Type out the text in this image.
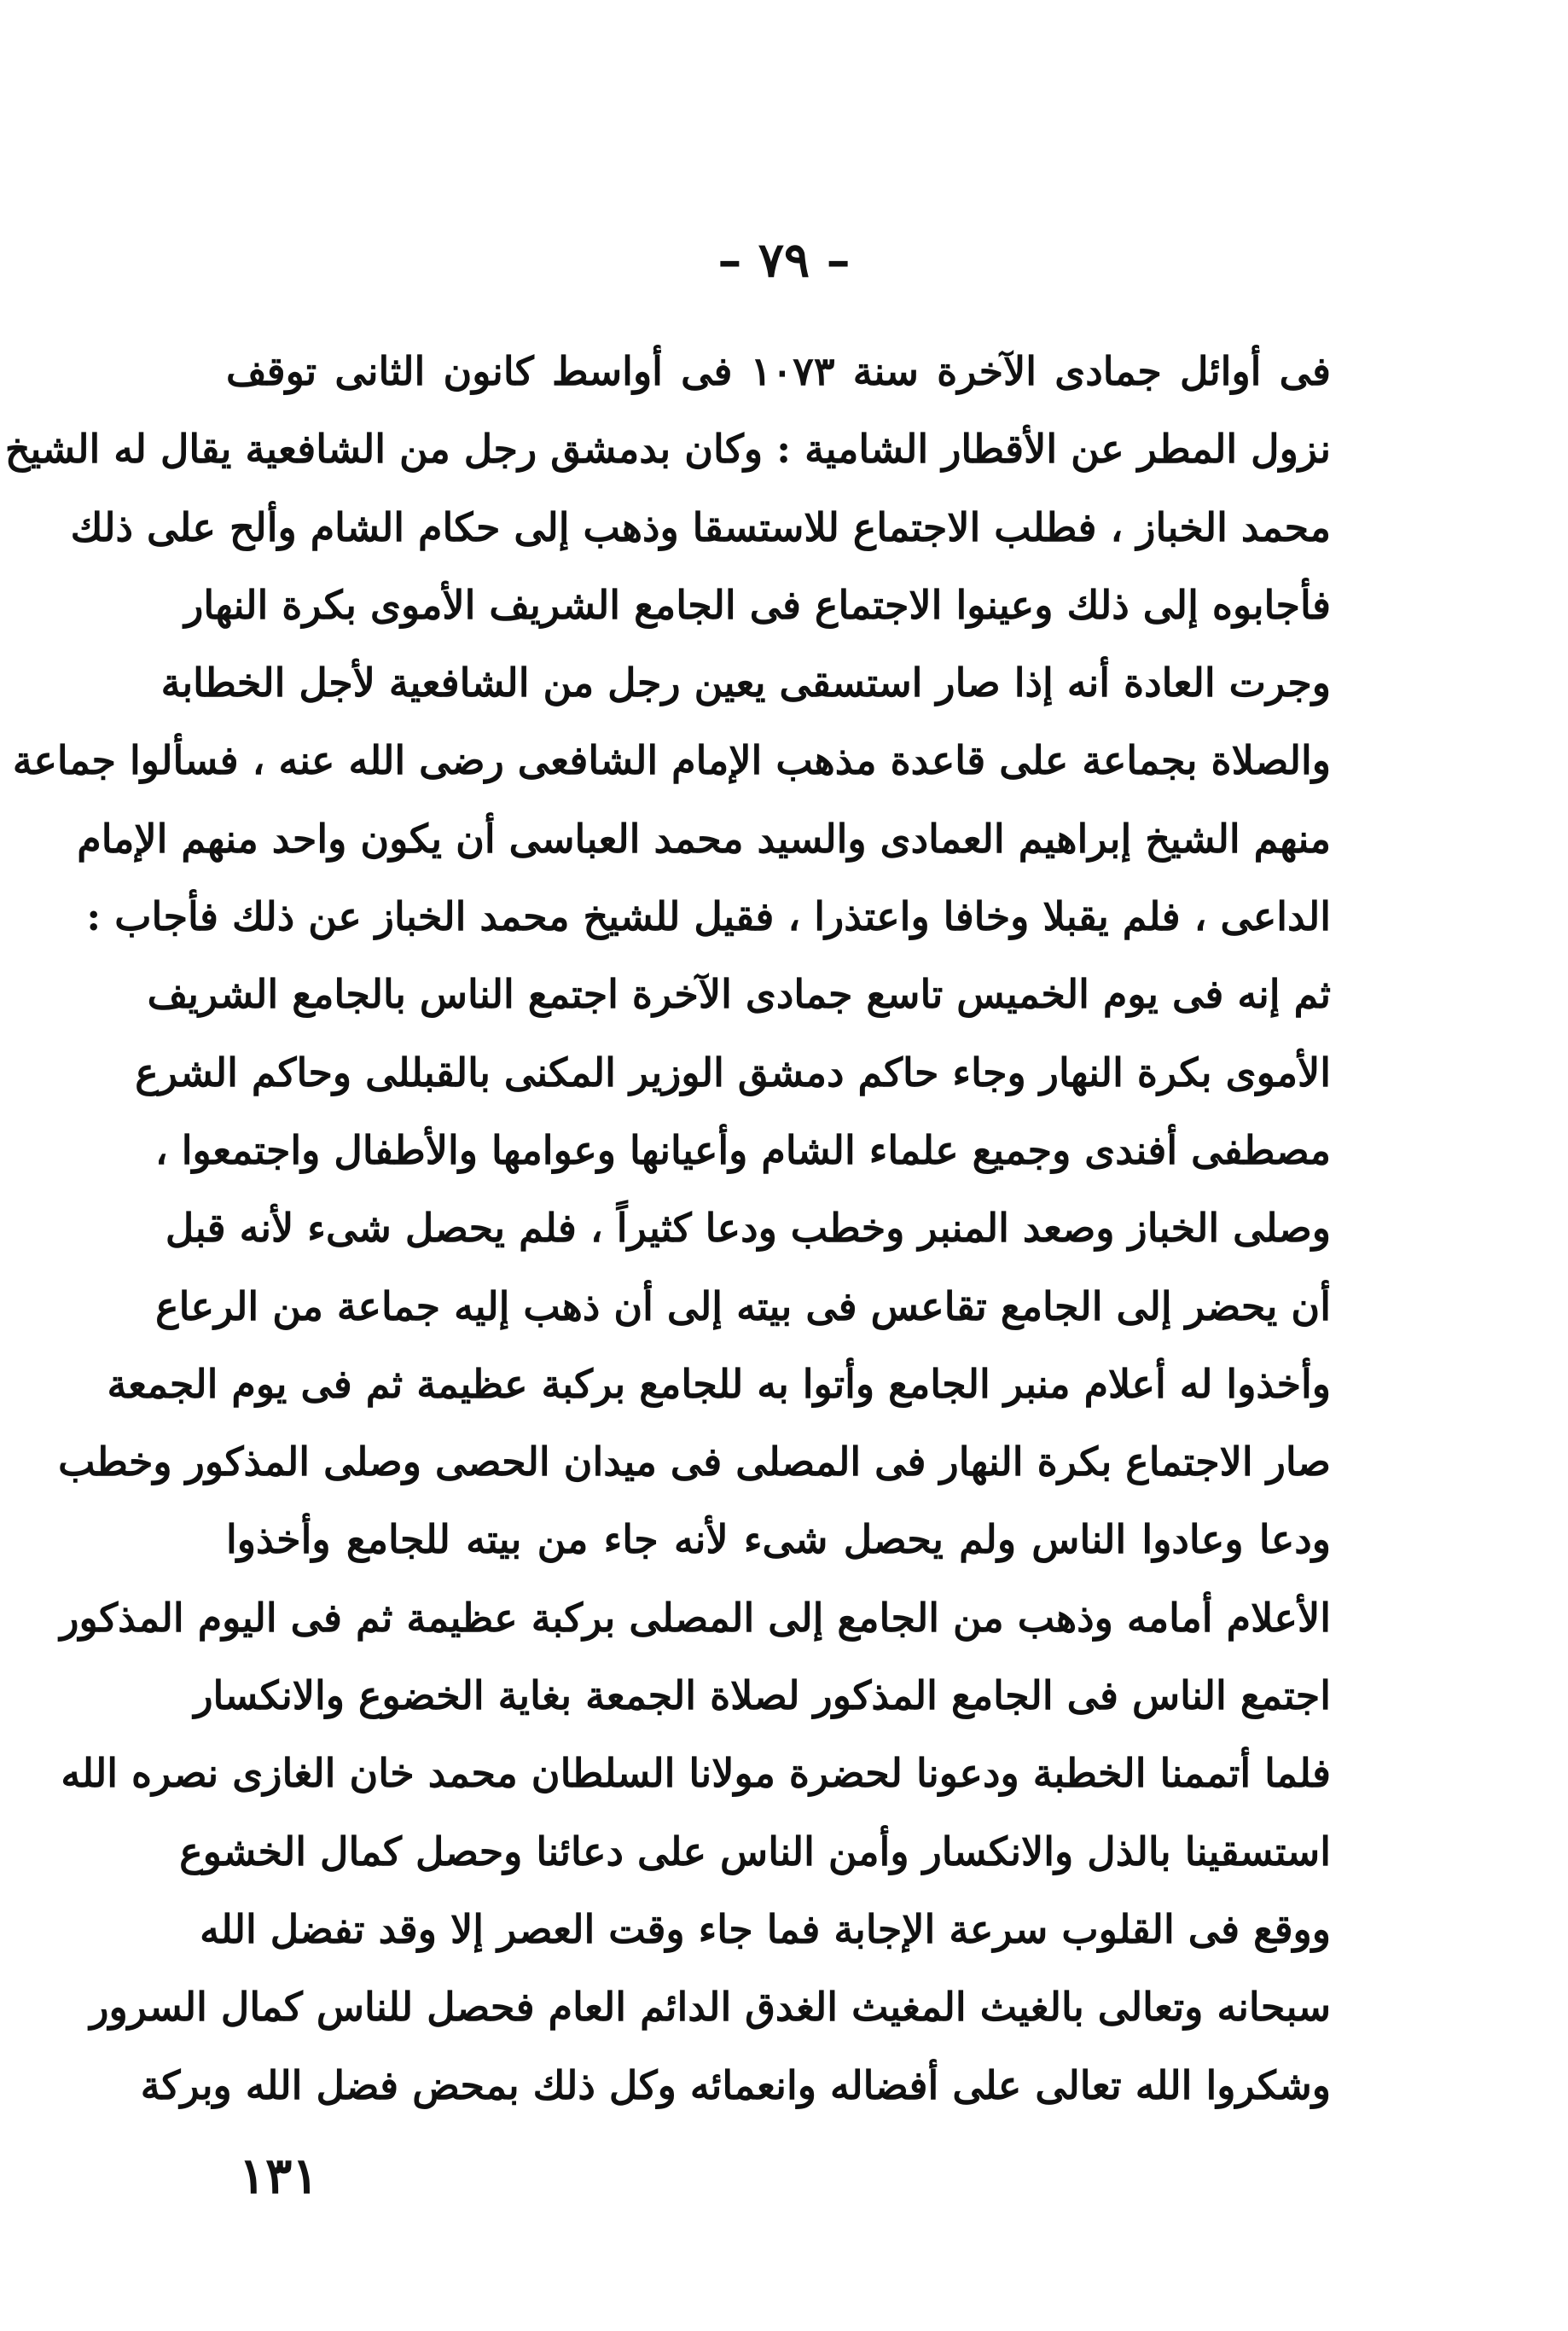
– ٧٩ –
فى أوائل جمادى الآخرة سنة ١٠٧٣ فى أواسط كانون الثانى توقف
نزول المطر عن الأقطار الشامية : وكان بدمشق رجل من الشافعية يقال له الشيخ
محمد الخباز ، فطلب الاجتماع للاستسقا وذهب إلى حكام الشام وألح على ذلك
فأجابوه إلى ذلك وعينوا الاجتماع فى الجامع الشريف الأموى بكرة النهار
وجرت العادة أنه إذا صار استسقى يعين رجل من الشافعية لأجل الخطابة
والصلاة بجماعة على قاعدة مذهب الإمام الشافعى رضى الله عنه ، فسألوا جماعة
منهم الشيخ إبراهيم العمادى والسيد محمد العباسى أن يكون واحد منهم الإمام
الداعى ، فلم يقبلا وخافا واعتذرا ، فقيل للشيخ محمد الخباز عن ذلك فأجاب :
ثم إنه فى يوم الخميس تاسع جمادى الآخرة اجتمع الناس بالجامع الشريف
الأموى بكرة النهار وجاء حاكم دمشق الوزير المكنى بالقبللى وحاكم الشرع
مصطفى أفندى وجميع علماء الشام وأعيانها وعوامها والأطفال واجتمعوا ،
وصلى الخباز وصعد المنبر وخطب ودعا كثيراً ، فلم يحصل شىء لأنه قبل
أن يحضر إلى الجامع تقاعس فى بيته إلى أن ذهب إليه جماعة من الرعاع
وأخذوا له أعلام منبر الجامع وأتوا به للجامع بركبة عظيمة ثم فى يوم الجمعة
صار الاجتماع بكرة النهار فى المصلى فى ميدان الحصى وصلى المذكور وخطب
ودعا وعادوا الناس ولم يحصل شىء لأنه جاء من بيته للجامع وأخذوا
الأعلام أمامه وذهب من الجامع إلى المصلى بركبة عظيمة ثم فى اليوم المذكور
اجتمع الناس فى الجامع المذكور لصلاة الجمعة بغاية الخضوع والانكسار
فلما أتممنا الخطبة ودعونا لحضرة مولانا السلطان محمد خان الغازى نصره الله
استسقينا بالذل والانكسار وأمن الناس على دعائنا وحصل كمال الخشوع
ووقع فى القلوب سرعة الإجابة فما جاء وقت العصر إلا وقد تفضل الله
سبحانه وتعالى بالغيث المغيث الغدق الدائم العام فحصل للناس كمال السرور
وشكروا الله تعالى على أفضاله وانعمائه وكل ذلك بمحض فضل الله وبركة
١٣١
